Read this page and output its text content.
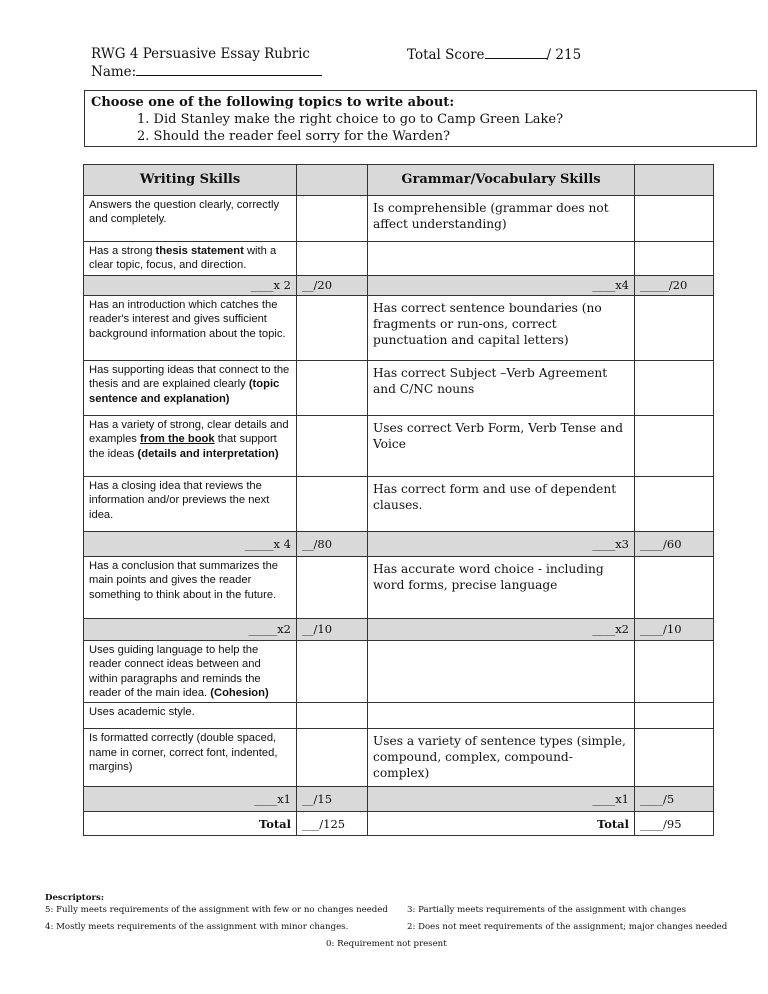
RWG 4 Persuasive Essay Rubric	Total Score	/ 215
Name:
Choose one of the following topics to write about:
1. Did Stanley make the right choice to go to Camp Green Lake?
2. Should the reader feel sorry for the Warden?
Writing Skills		Grammar/Vocabulary Skills	
Answers the question clearly, correctly and completely.		Is comprehensible (grammar does not affect understanding)	
Has a strong thesis statement with a clear topic, focus, and direction.			
____x 2	__/20	____x4	_____/20
Has an introduction which catches the reader's interest and gives sufficient background information about the topic.		Has correct sentence boundaries (no fragments or run-ons, correct punctuation and capital letters)	
Has supporting ideas that connect to the thesis and are explained clearly (topic sentence and explanation)		Has correct Subject –Verb Agreement and C/NC nouns	
Has a variety of strong, clear details and examples from the book that support the ideas (details and interpretation)		Uses correct Verb Form, Verb Tense and Voice	
Has a closing idea that reviews the information and/or previews the next idea.		Has correct form and use of dependent clauses.	
_____x 4	__/80	____x3	____/60
Has a conclusion that summarizes the main points and gives the reader something to think about in the future.		Has accurate word choice - including word forms, precise language	
_____x2	__/10	____x2	____/10
Uses guiding language to help the reader connect ideas between and within paragraphs and reminds the reader of the main idea. (Cohesion)			
Uses academic style.			
Is formatted correctly (double spaced, name in corner, correct font, indented, margins)		Uses a variety of sentence types (simple, compound, complex, compound-complex)	
____x1	__/15	____x1	____/5
Total	___/125	Total	____/95
Descriptors:
5: Fully meets requirements of the assignment with few or no changes needed 3: Partially meets requirements of the assignment with changes
4: Mostly meets requirements of the assignment with minor changes.	2: Does not meet requirements of the assignment; major changes needed
0: Requirement not present
